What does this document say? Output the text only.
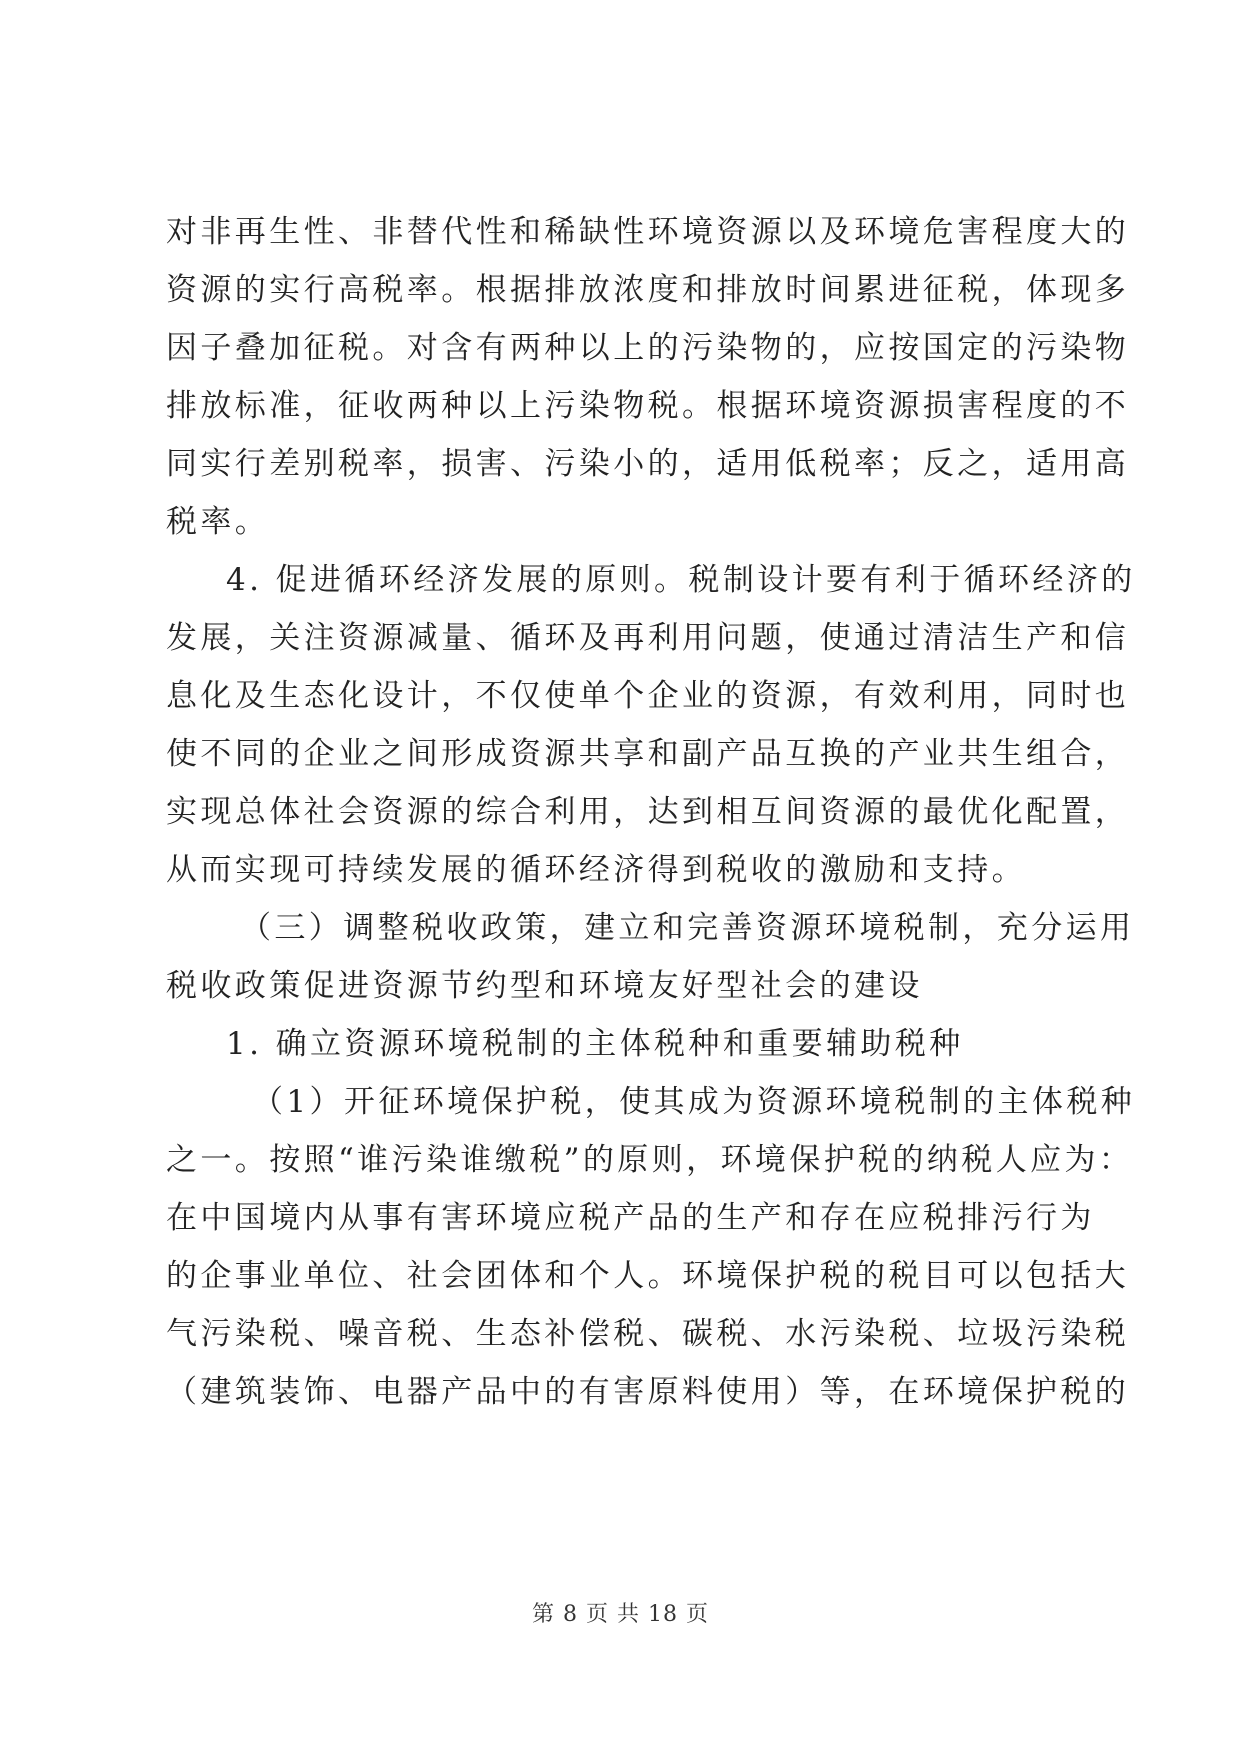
对非再生性、非替代性和稀缺性环境资源以及环境危害程度大的
资源的实行高税率。根据排放浓度和排放时间累进征税，体现多
因子叠加征税。对含有两种以上的污染物的，应按国定的污染物
排放标准，征收两种以上污染物税。根据环境资源损害程度的不
同实行差别税率，损害、污染小的，适用低税率；反之，适用高
税率。
4. 促进循环经济发展的原则。税制设计要有利于循环经济的
发展，关注资源减量、循环及再利用问题，使通过清洁生产和信
息化及生态化设计，不仅使单个企业的资源，有效利用，同时也
使不同的企业之间形成资源共享和副产品互换的产业共生组合，
实现总体社会资源的综合利用，达到相互间资源的最优化配置，
从而实现可持续发展的循环经济得到税收的激励和支持。
（三）调整税收政策，建立和完善资源环境税制，充分运用
税收政策促进资源节约型和环境友好型社会的建设
1. 确立资源环境税制的主体税种和重要辅助税种
（1）开征环境保护税，使其成为资源环境税制的主体税种
之一。按照“谁污染谁缴税”的原则，环境保护税的纳税人应为：
在中国境内从事有害环境应税产品的生产和存在应税排污行为
的企事业单位、社会团体和个人。环境保护税的税目可以包括大
气污染税、噪音税、生态补偿税、碳税、水污染税、垃圾污染税
（建筑装饰、电器产品中的有害原料使用）等，在环境保护税的
第 8 页 共 18 页
